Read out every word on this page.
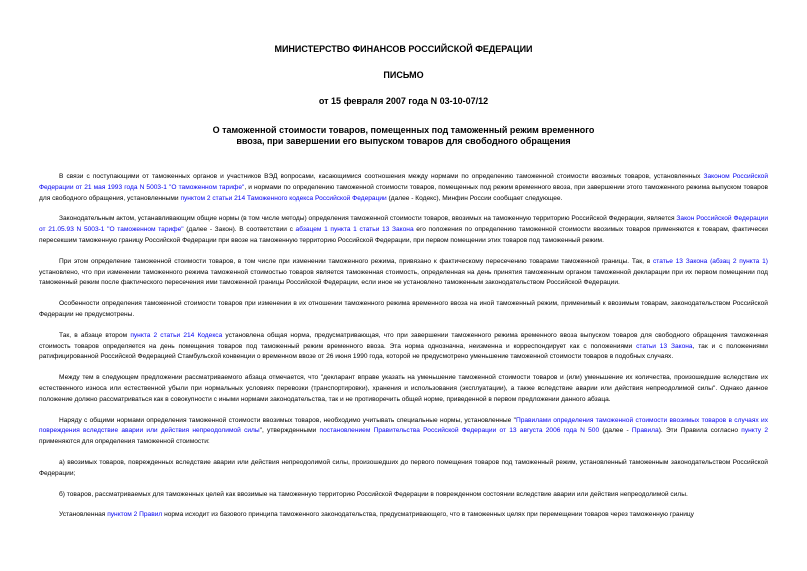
МИНИСТЕРСТВО ФИНАНСОВ РОССИЙСКОЙ ФЕДЕРАЦИИ
ПИСЬМО
от 15 февраля 2007 года N 03-10-07/12
О таможенной стоимости товаров, помещенных под таможенный режим временного
ввоза, при завершении его выпуском товаров для свободного обращения

В связи с поступающими от таможенных органов и участников ВЭД вопросами, касающимися соотношения между нормами по определению таможенной стоимости ввозимых товаров, установленных Законом Российской Федерации от 21 мая 1993 года N 5003-1 "О таможенном тарифе", и нормами по определению таможенной стоимости товаров, помещенных под режим временного ввоза, при завершении этого таможенного режима выпуском товаров для свободного обращения, установленными пунктом 2 статьи 214 Таможенного кодекса Российской Федерации (далее - Кодекс), Минфин России сообщает следующее.

Законодательным актом, устанавливающим общие нормы (в том числе методы) определения таможенной стоимости товаров, ввозимых на таможенную территорию Российской Федерации, является Закон Российской Федерации от 21.05.93 N 5003-1 "О таможенном тарифе" (далее - Закон). В соответствии с абзацем 1 пункта 1 статьи 13 Закона его положения по определению таможенной стоимости ввозимых товаров применяются к товарам, фактически пересекшим таможенную границу Российской Федерации при ввозе на таможенную территорию Российской Федерации, при первом помещении этих товаров под таможенный режим.

При этом определение таможенной стоимости товаров, в том числе при изменении таможенного режима, привязано к фактическому пересечению товарами таможенной границы. Так, в статье 13 Закона (абзац 2 пункта 1) установлено, что при изменении таможенного режима таможенной стоимостью товаров является таможенная стоимость, определенная на день принятия таможенным органом таможенной декларации при их первом помещении под таможенный режим после фактического пересечения ими таможенной границы Российской Федерации, если иное не установлено таможенным законодательством Российской Федерации.

Особенности определения таможенной стоимости товаров при изменении в их отношении таможенного режима временного ввоза на иной таможенный режим, применимый к ввозимым товарам, законодательством Российской Федерации не предусмотрены.

Так, в абзаце втором пункта 2 статьи 214 Кодекса установлена общая норма, предусматривающая, что при завершении таможенного режима временного ввоза выпуском товаров для свободного обращения таможенная стоимость товаров определяется на день помещения товаров под таможенный режим временного ввоза. Эта норма однозначна, неизменна и корреспондирует как с положениями статьи 13 Закона, так и с положениями ратифицированной Российской Федерацией Стамбульской конвенции о временном ввозе от 26 июня 1990 года, которой не предусмотрено уменьшение таможенной стоимости товаров в подобных случаях.

Между тем в следующем предложении рассматриваемого абзаца отмечается, что "декларант вправе указать на уменьшение таможенной стоимости товаров и (или) уменьшение их количества, произошедшие вследствие их естественного износа или естественной убыли при нормальных условиях перевозки (транспортировки), хранения и использования (эксплуатации), а также вследствие аварии или действия непреодолимой силы". Однако данное положение должно рассматриваться как в совокупности с иными нормами законодательства, так и не противоречить общей норме, приведенной в первом предложении данного абзаца.

Наряду с общими нормами определения таможенной стоимости ввозимых товаров, необходимо учитывать специальные нормы, установленные "Правилами определения таможенной стоимости ввозимых товаров в случаях их повреждения вследствие аварии или действия непреодолимой силы", утвержденными постановлением Правительства Российской Федерации от 13 августа 2006 года N 500 (далее - Правила). Эти Правила согласно пункту 2 применяются для определения таможенной стоимости:

а) ввозимых товаров, поврежденных вследствие аварии или действия непреодолимой силы, произошедших до первого помещения товаров под таможенный режим, установленный таможенным законодательством Российской Федерации;

б) товаров, рассматриваемых для таможенных целей как ввозимые на таможенную территорию Российской Федерации в поврежденном состоянии вследствие аварии или действия непреодолимой силы.

Установленная пунктом 2 Правил норма исходит из базового принципа таможенного законодательства, предусматривающего, что в таможенных целях при перемещении товаров через таможенную границу
